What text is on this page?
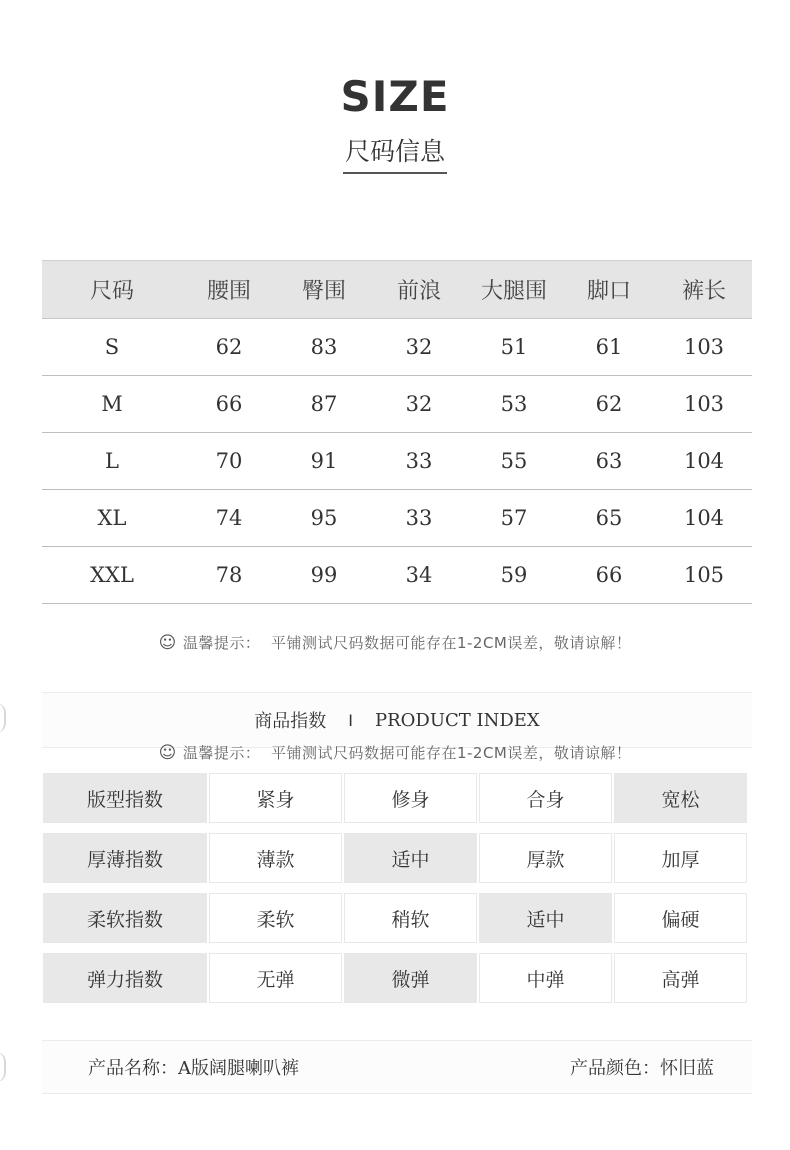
SIZE
尺码信息
尺码	腰围	臀围	前浪	大腿围	脚口	裤长
S	62	83	32	51	61	103
M	66	87	32	53	62	103
L	70	91	33	55	63	104
XL	74	95	33	57	65	104
XXL	78	99	34	59	66	105
☺ 温馨提示： 平铺测试尺码数据可能存在1-2CM误差，敬请谅解！
商品指数 I PRODUCT INDEX
☺ 温馨提示： 平铺测试尺码数据可能存在1-2CM误差，敬请谅解！
版型指数	紧身	修身	合身	宽松
厚薄指数	薄款	适中	厚款	加厚
柔软指数	柔软	稍软	适中	偏硬
弹力指数	无弹	微弹	中弹	高弹
产品名称：A版阔腿喇叭裤	产品颜色：怀旧蓝
